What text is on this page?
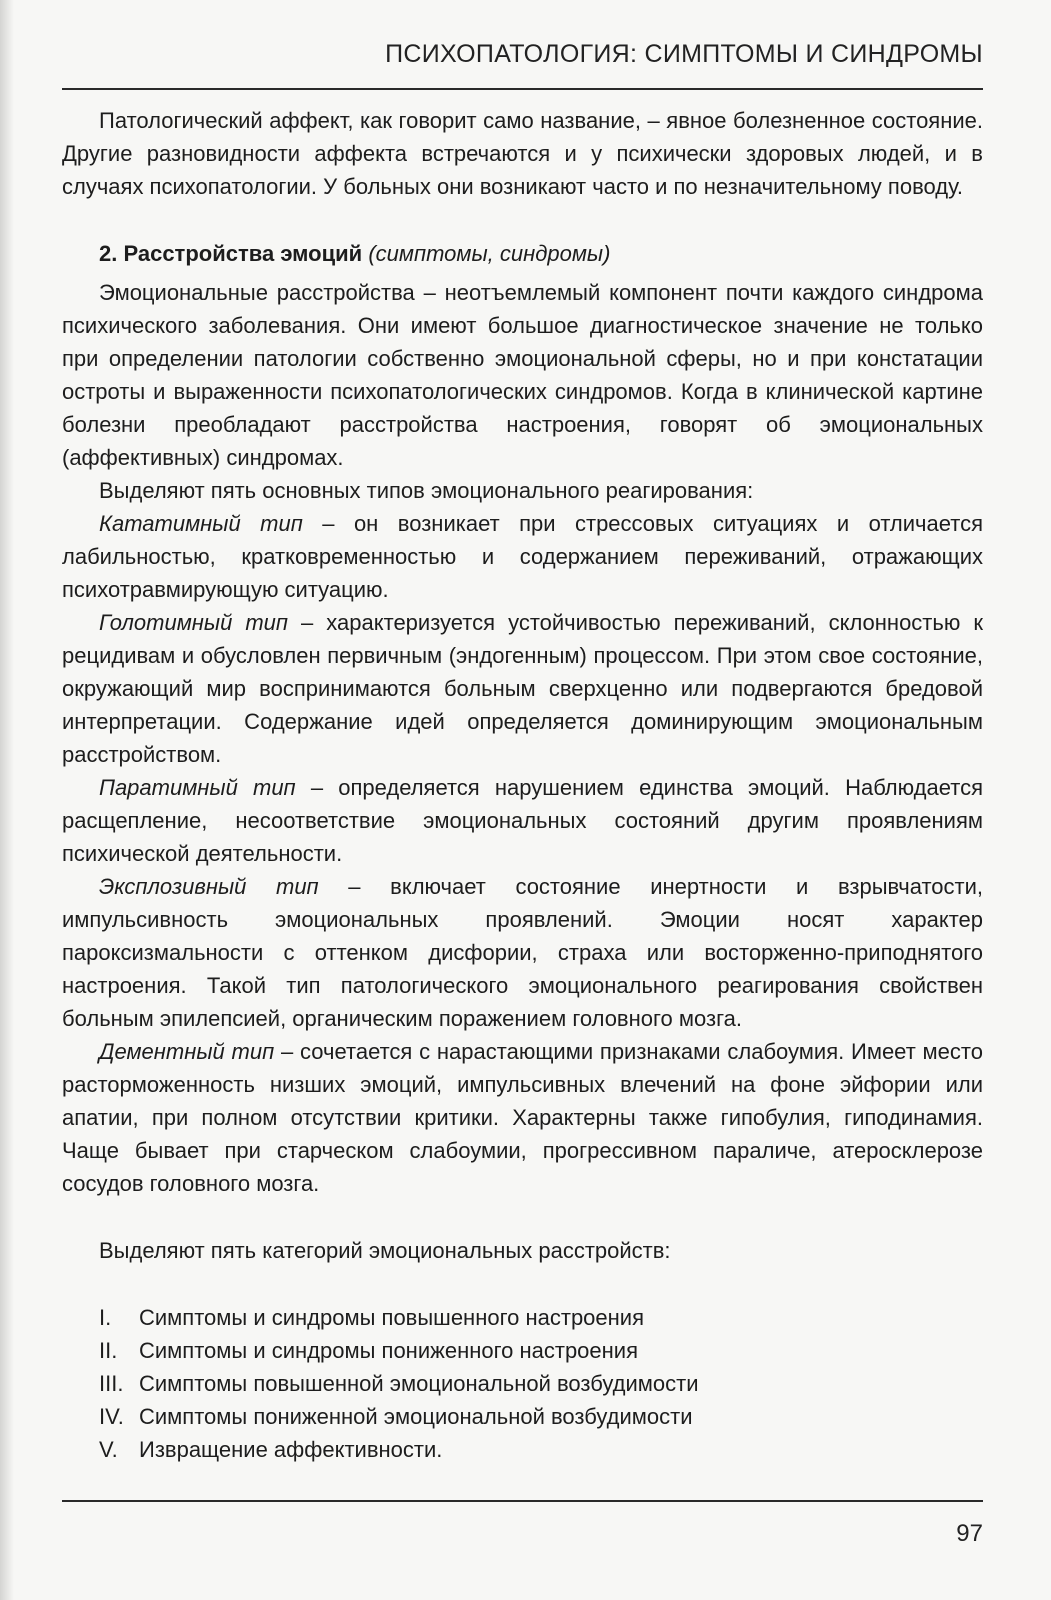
ПСИХОПАТОЛОГИЯ: СИМПТОМЫ И СИНДРОМЫ

Патологический аффект, как говорит само название, – явное болезненное состояние. Другие разновидности аффекта встречаются и у психически здоровых людей, и в случаях психопатологии. У больных они возникают часто и по незначительному поводу.

2. Расстройства эмоций (симптомы, синдромы)

Эмоциональные расстройства – неотъемлемый компонент почти каждого синдрома психического заболевания. Они имеют большое диагностическое значение не только при определении патологии собственно эмоциональной сферы, но и при констатации остроты и выраженности психопатологических синдромов. Когда в клинической картине болезни преобладают расстройства настроения, говорят об эмоциональных (аффективных) синдромах.

Выделяют пять основных типов эмоционального реагирования:

Кататимный тип – он возникает при стрессовых ситуациях и отличается лабильностью, кратковременностью и содержанием переживаний, отражающих психотравмирующую ситуацию.

Голотимный тип – характеризуется устойчивостью переживаний, склонностью к рецидивам и обусловлен первичным (эндогенным) процессом. При этом свое состояние, окружающий мир воспринимаются больным сверхценно или подвергаются бредовой интерпретации. Содержание идей определяется доминирующим эмоциональным расстройством.

Паратимный тип – определяется нарушением единства эмоций. Наблюдается расщепление, несоответствие эмоциональных состояний другим проявлениям психической деятельности.

Эксплозивный тип – включает состояние инертности и взрывчатости, импульсивность эмоциональных проявлений. Эмоции носят характер пароксизмальности с оттенком дисфории, страха или восторженно-приподнятого настроения. Такой тип патологического эмоционального реагирования свойствен больным эпилепсией, органическим поражением головного мозга.

Дементный тип – сочетается с нарастающими признаками слабоумия. Имеет место расторможенность низших эмоций, импульсивных влечений на фоне эйфории или апатии, при полном отсутствии критики. Характерны также гипобулия, гиподинамия. Чаще бывает при старческом слабоумии, прогрессивном параличе, атеросклерозе сосудов головного мозга.

Выделяют пять категорий эмоциональных расстройств:

I.	Симптомы и синдромы повышенного настроения
II. Симптомы и синдромы пониженного настроения
III. Симптомы повышенной эмоциональной возбудимости
IV. Симптомы пониженной эмоциональной возбудимости
V. Извращение аффективности.
97
